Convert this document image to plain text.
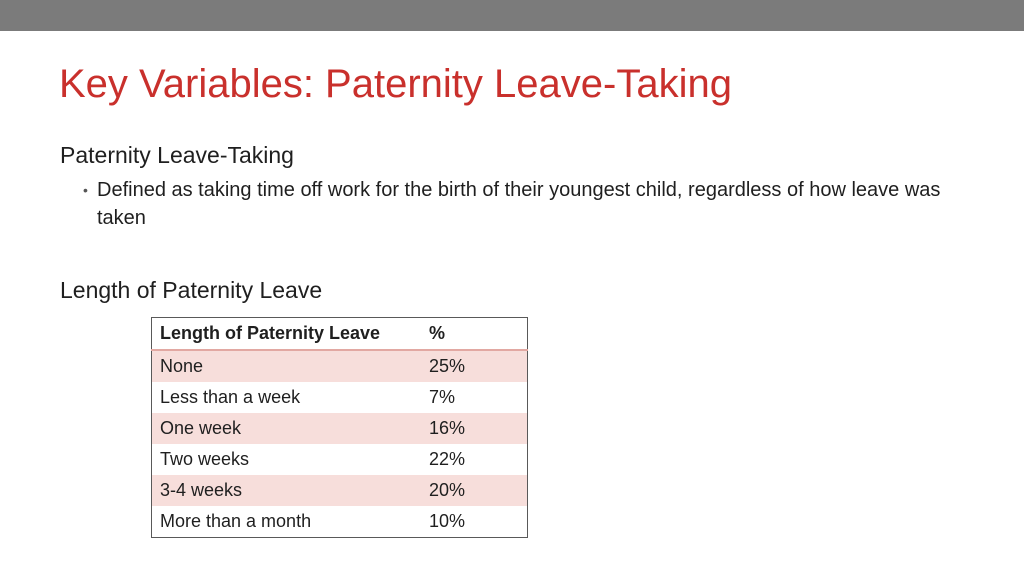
Key Variables: Paternity Leave-Taking
Paternity Leave-Taking
• Defined as taking time off work for the birth of their youngest child, regardless of how leave was taken
Length of Paternity Leave
Length of Paternity Leave	%
None	25%
Less than a week	7%
One week	16%
Two weeks	22%
3-4 weeks	20%
More than a month	10%
